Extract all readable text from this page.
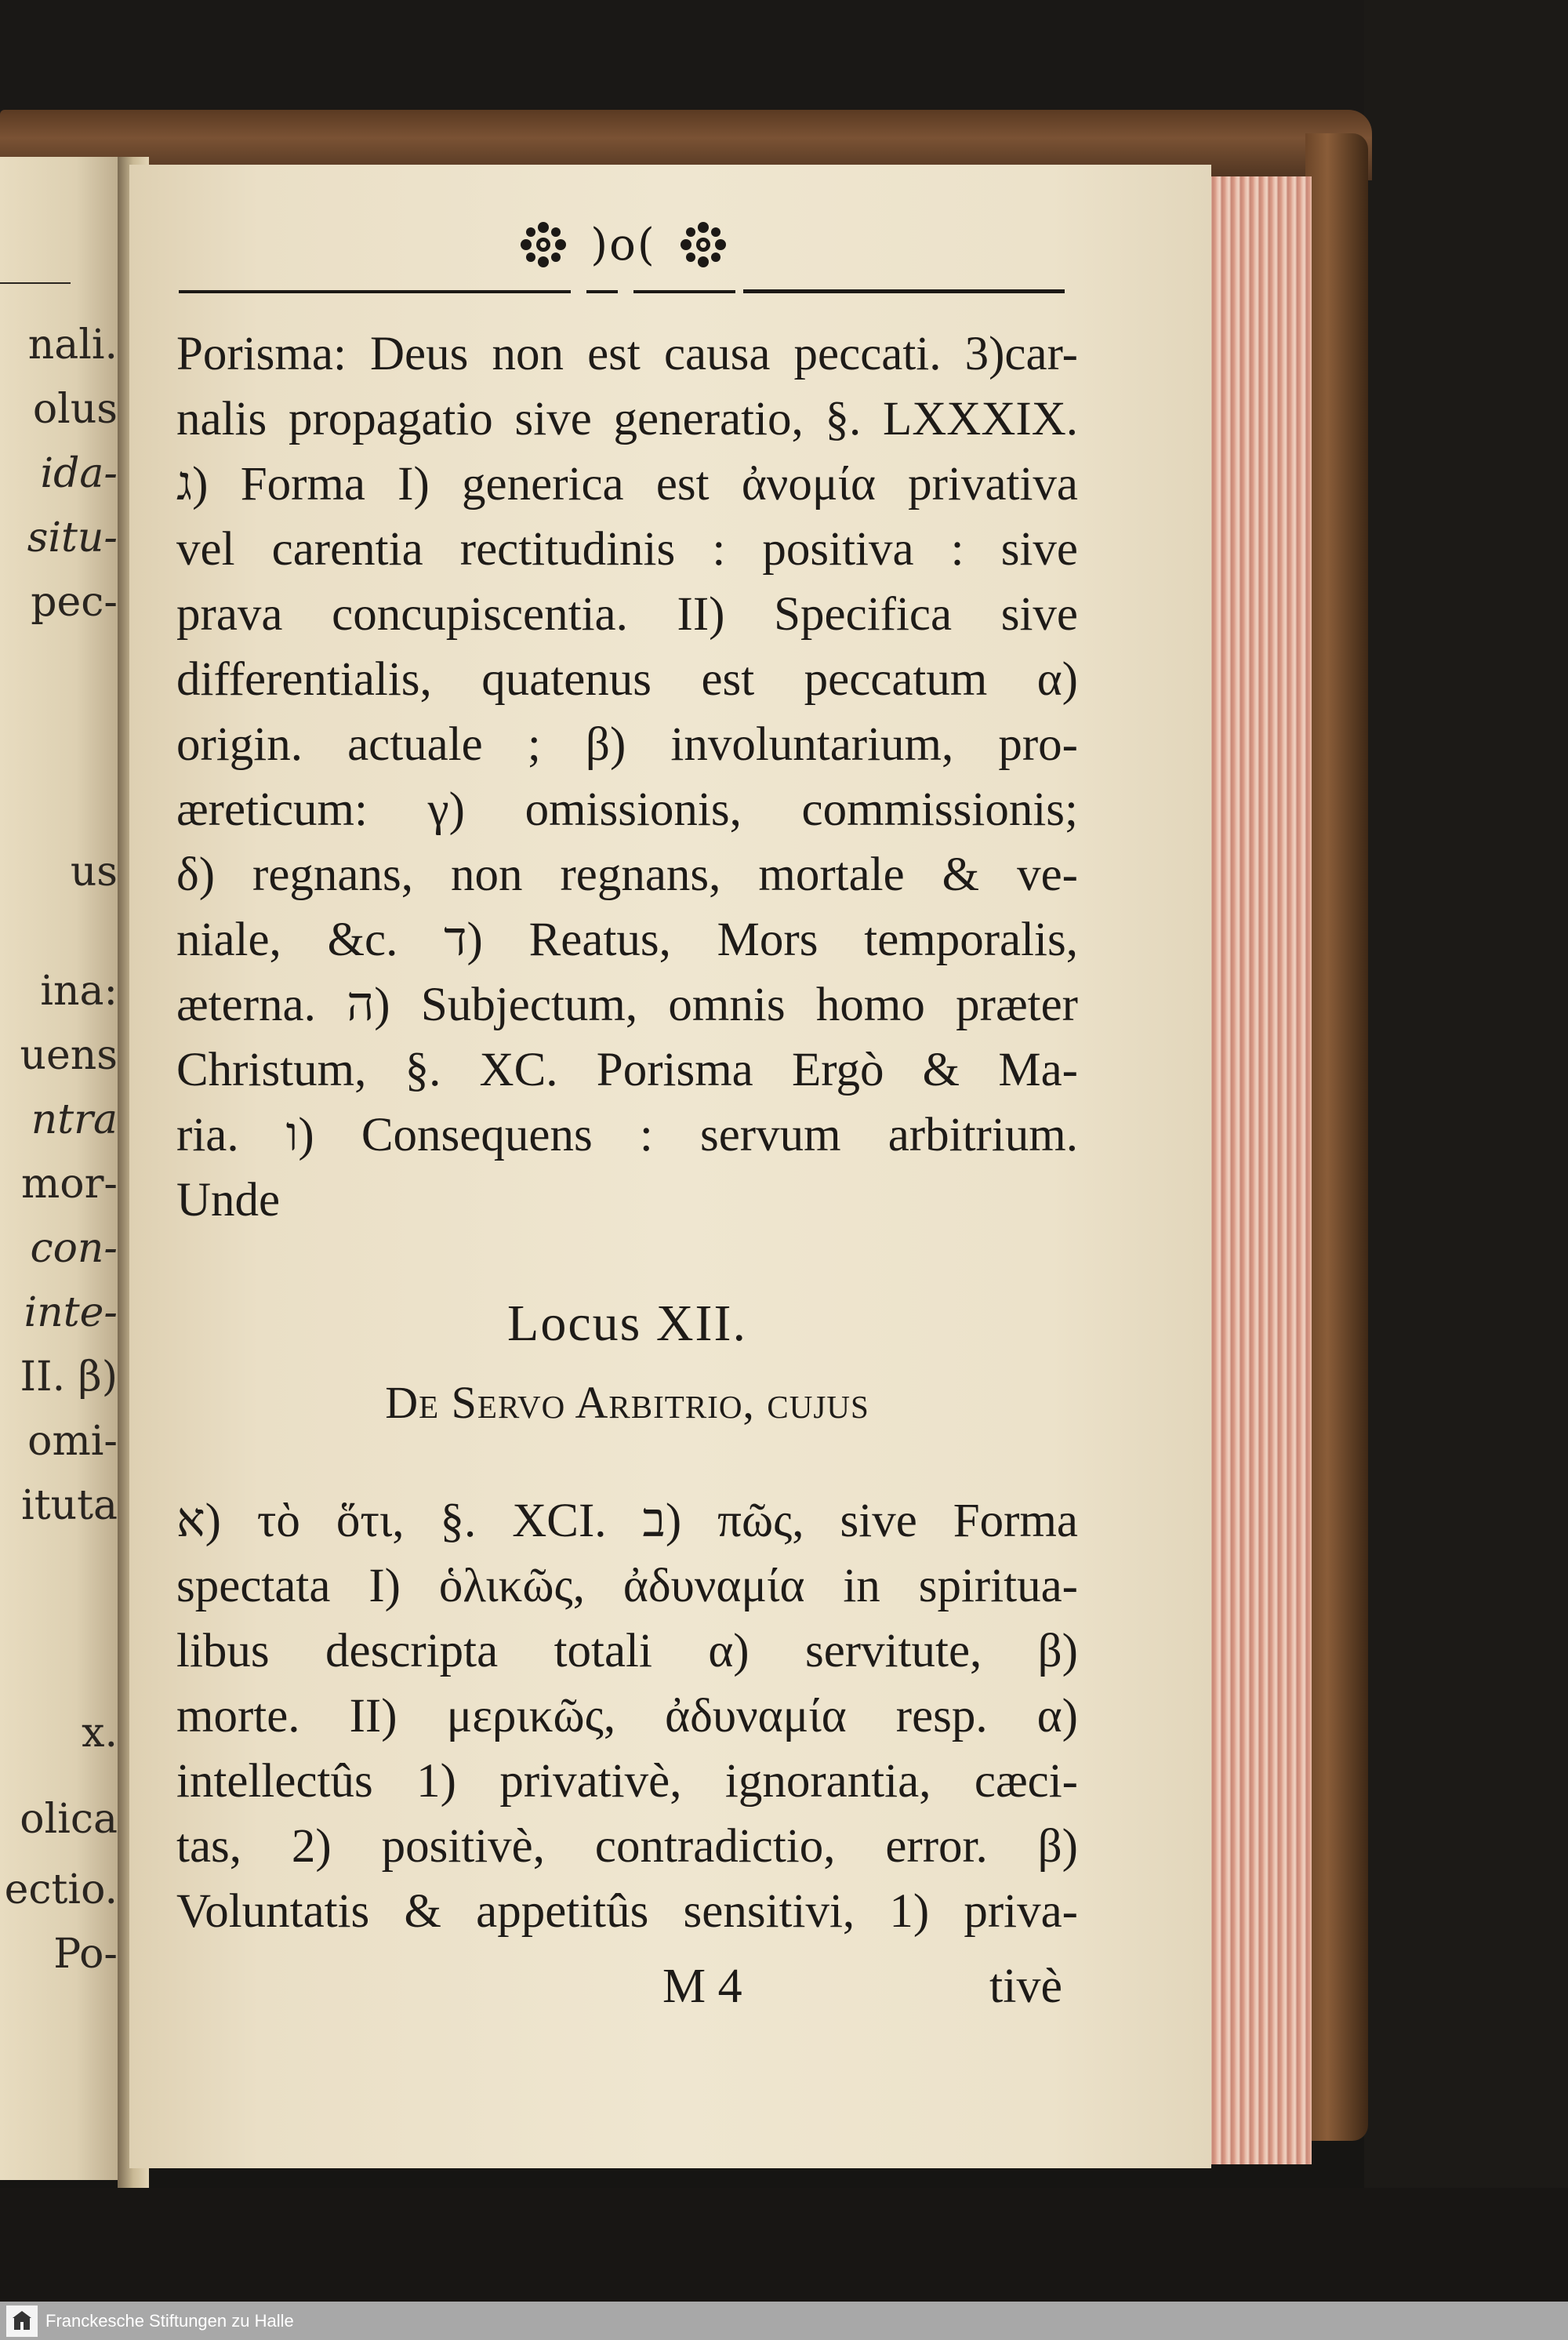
nali.
olus
ida-
situ-
pec-
us
ina:
uens
ntra
mor-
con-
inte-
II. β)
omi-
ituta
x.
olica
ectio.
Po-
)o(
Porisma: Deus non est causa peccati. 3)car-
nalis propagatio sive generatio, §. LXXXIX.
ג) Forma I) generica est ἀνομία privativa
vel carentia rectitudinis : positiva : sive
prava concupiscentia. II) Specifica sive
differentialis, quatenus est peccatum α)
origin. actuale ; β) involuntarium, pro-
æreticum: γ) omissionis, commissionis;
δ) regnans, non regnans, mortale & ve-
niale, &c. ד) Reatus, Mors temporalis,
æterna. ה) Subjectum, omnis homo præter
Christum, §. XC. Porisma Ergò & Ma-
ria. ו) Consequens : servum arbitrium.
Unde
Locus XII.
De Servo Arbitrio, cujus
א) τὸ ὅτι, §. XCI. ב) πῶς, sive Forma
spectata I) ὁλικῶς, ἀδυναμία in spiritua-
libus descripta totali α) servitute, β)
morte. II) μερικῶς, ἀδυναμία resp. α)
intellectûs 1) privativè, ignorantia, cæci-
tas, 2) positivè, contradictio, error. β)
Voluntatis & appetitûs sensitivi, 1) priva-
M 4	tivè
Franckesche Stiftungen zu Halle
